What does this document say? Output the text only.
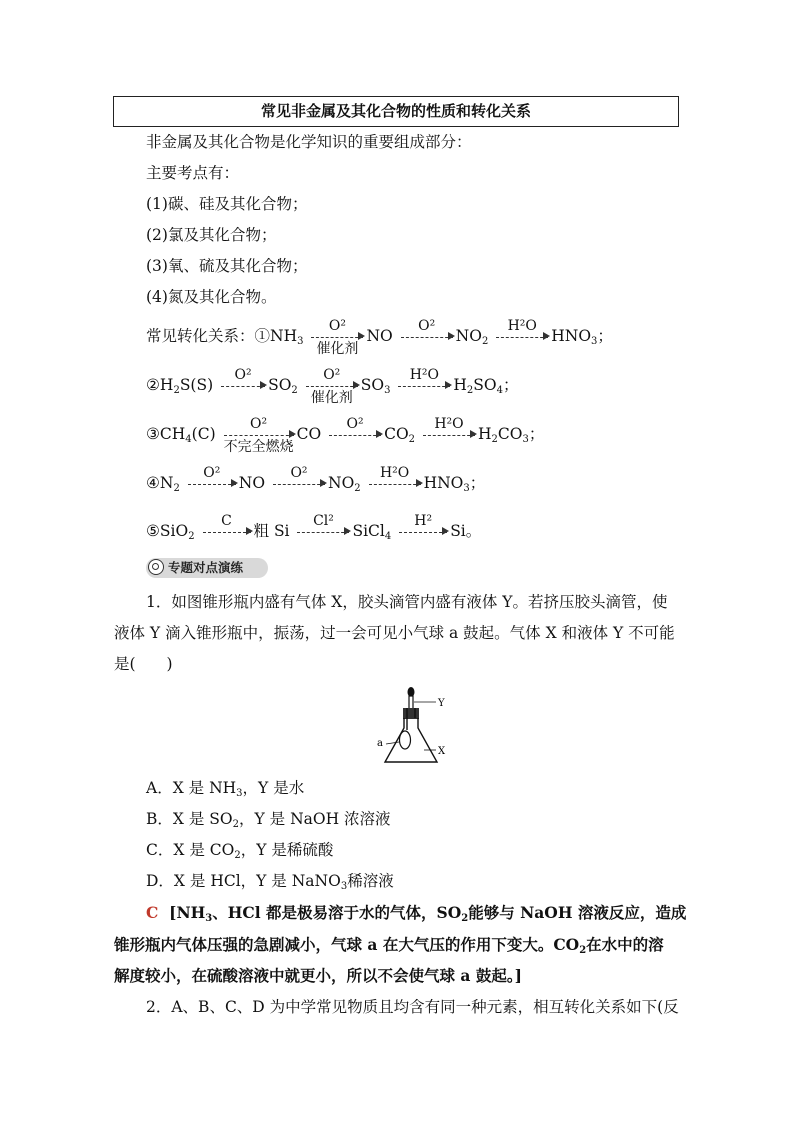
常见非金属及其化合物的性质和转化关系
非金属及其化合物是化学知识的重要组成部分：
主要考点有：
(1)碳、硅及其化合物；
(2)氯及其化合物；
(3)氧、硫及其化合物；
(4)氮及其化合物。
常见转化关系：$①NH_3$
O²
催化剂
NO
O²
$NO_2$
H²O
$HNO_3$；
$②H_2S(S)$
O²
$SO_2$
O²
催化剂
$SO_3$
H²O
$H_2SO_4$；
$③CH_4(C)$
O²
不完全燃烧
CO
O²
$CO_2$
H²O
$H_2CO_3$；
$④N_2$
O²
NO
O²
$NO_2$
H²O
$HNO_3$；
⑤SiO$_2$
C
粗 Si
Cl²
SiCl$_4$
H²
Si。
专题对点演练
1．如图锥形瓶内盛有气体 X，胶头滴管内盛有液体 Y。若挤压胶头滴管，使
液体 Y 滴入锥形瓶中，振荡，过一会可见小气球 a 鼓起。气体 X 和液体 Y 不可能
是(　　)
Y
X
a
A．X 是 $NH_3$，Y 是水
B．X 是 $SO_2$，Y 是 NaOH 浓溶液
C．X 是 $CO_2$，Y 是稀硫酸
D．X 是 HCl，Y 是 NaNO$_3$稀溶液
C [$NH_3$、HCl 都是极易溶于水的气体，$SO_2$能够与 NaOH 溶液反应，造成
锥形瓶内气体压强的急剧减小，气球 a 在大气压的作用下变大。$CO_2$在水中的溶
解度较小，在硫酸溶液中就更小，所以不会使气球 a 鼓起。]
2．A、B、C、D 为中学常见物质且均含有同一种元素，相互转化关系如下(反
